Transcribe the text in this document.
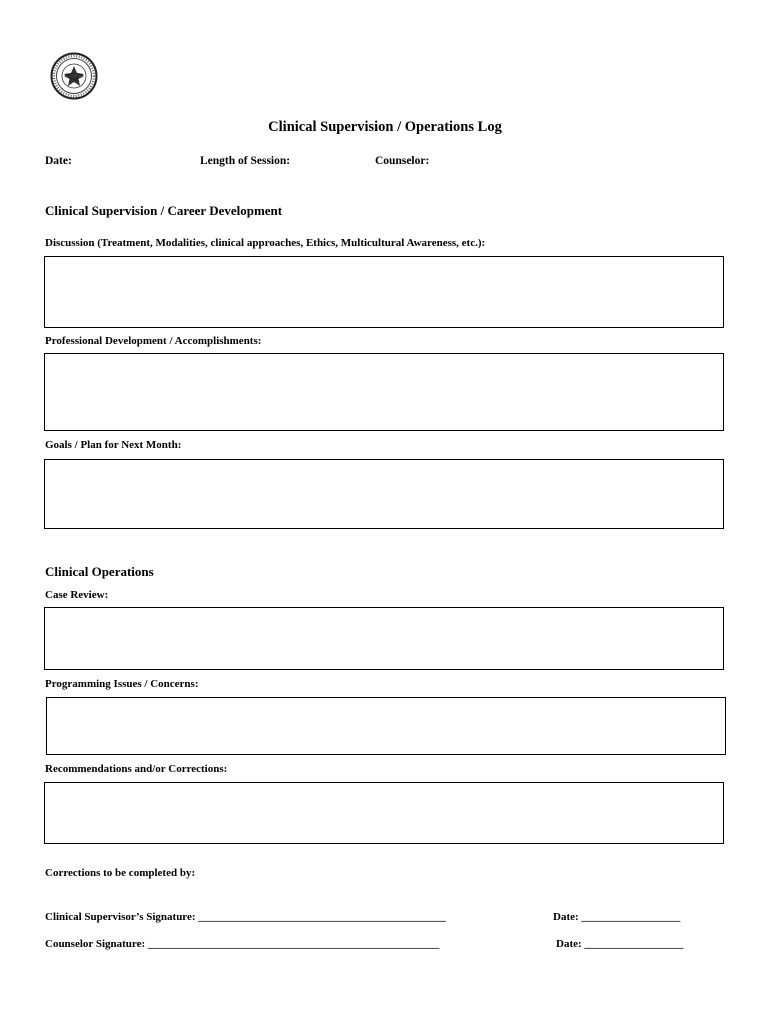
Clinical Supervision / Operations Log
Date:	Length of Session:	Counselor:
Clinical Supervision / Career Development
Discussion (Treatment, Modalities, clinical approaches, Ethics, Multicultural Awareness, etc.):
Professional Development / Accomplishments:
Goals / Plan for Next Month:
Clinical Operations
Case Review:
Programming Issues / Concerns:
Recommendations and/or Corrections:
Corrections to be completed by:
Clinical Supervisor’s Signature: _____________________________________________	Date: __________________
Counselor Signature: _____________________________________________________	Date: __________________
